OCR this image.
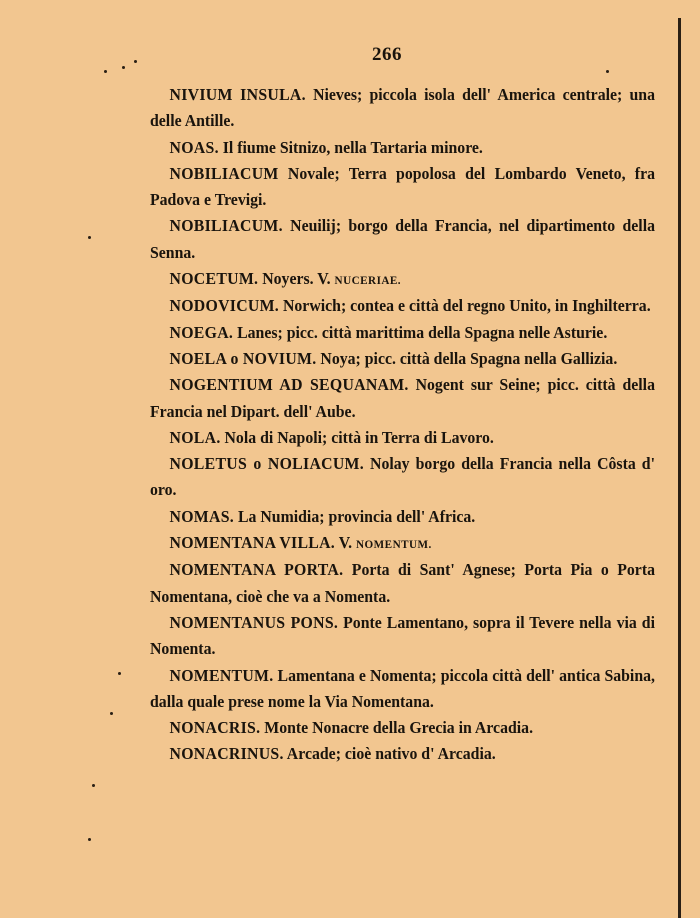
266
NIVIUM INSULA. Nieves; piccola isola dell' America centrale; una delle Antille.
NOAS. Il fiume Sitnizo, nella Tartaria minore.
NOBILIACUM Novale; Terra popolosa del Lombardo Veneto, fra Padova e Trevigi.
NOBILIACUM. Neuilij; borgo della Francia, nel dipartimento della Senna.
NOCETUM. Noyers. V. NUCERIAE.
NODOVICUM. Norwich; contea e città del regno Unito, in Inghilterra.
NOEGA. Lanes; picc. città marittima della Spagna nelle Asturie.
NOELA o NOVIUM. Noya; picc. città della Spagna nella Gallizia.
NOGENTIUM AD SEQUANAM. Nogent sur Seine; picc. città della Francia nel Dipart. dell' Aube.
NOLA. Nola di Napoli; città in Terra di Lavoro.
NOLETUS o NOLIACUM. Nolay borgo della Francia nella Côsta d' oro.
NOMAS. La Numidia; provincia dell' Africa.
NOMENTANA VILLA. V. NOMENTUM.
NOMENTANA PORTA. Porta di Sant' Agnese; Porta Pia o Porta Nomentana, cioè che va a Nomenta.
NOMENTANUS PONS. Ponte Lamentano, sopra il Tevere nella via di Nomenta.
NOMENTUM. Lamentana e Nomenta; piccola città dell' antica Sabina, dalla quale prese nome la Via Nomentana.
NONACRIS. Monte Nonacre della Grecia in Arcadia.
NONACRINUS. Arcade; cioè nativo d' Arcadia.
